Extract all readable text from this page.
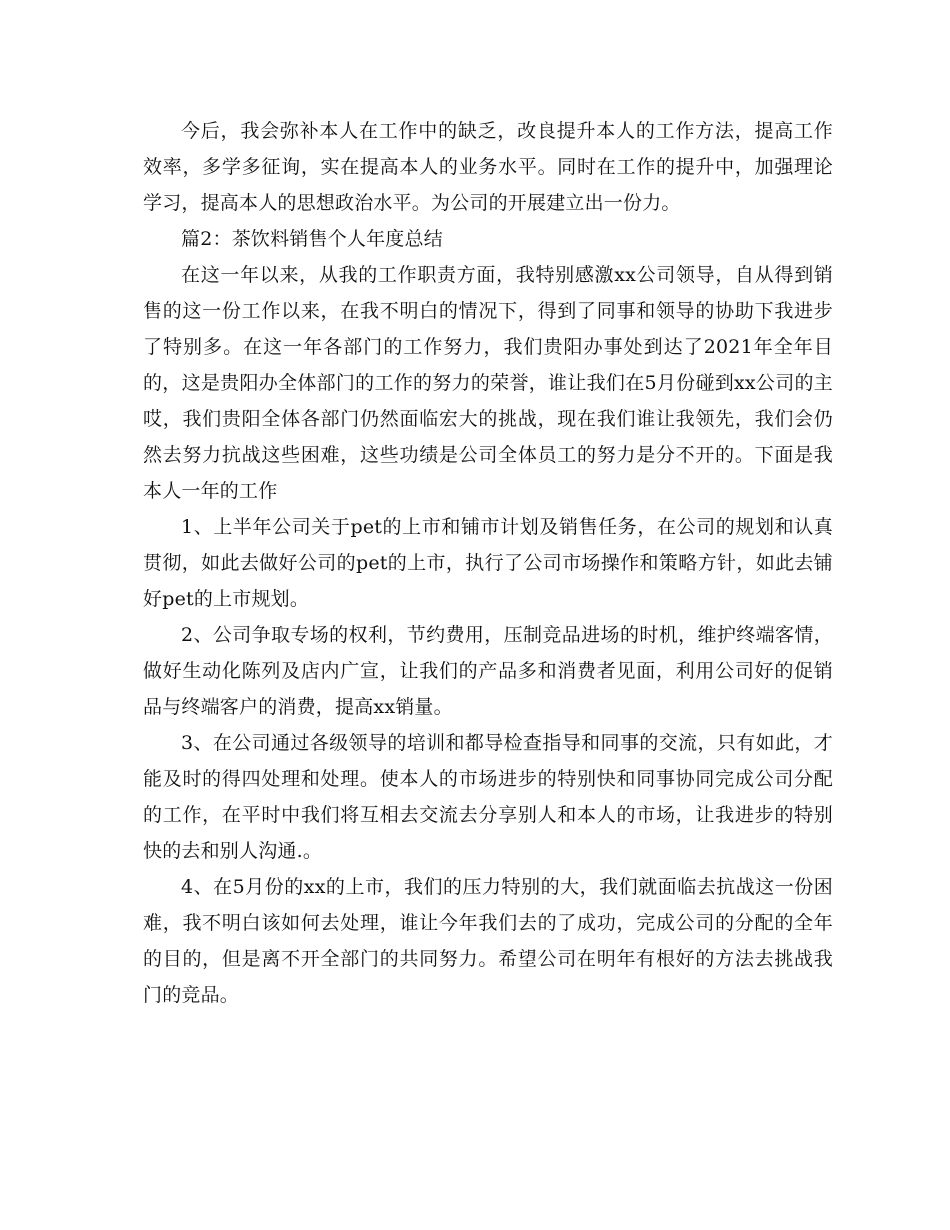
今后，我会弥补本人在工作中的缺乏，改良提升本人的工作方法，提高工作效率，多学多征询，实在提高本人的业务水平。同时在工作的提升中，加强理论学习，提高本人的思想政治水平。为公司的开展建立出一份力。

篇2：茶饮料销售个人年度总结

在这一年以来，从我的工作职责方面，我特别感激xx公司领导，自从得到销售的这一份工作以来，在我不明白的情况下，得到了同事和领导的协助下我进步了特别多。在这一年各部门的工作努力，我们贵阳办事处到达了2021年全年目的，这是贵阳办全体部门的工作的努力的荣誉，谁让我们在5月份碰到xx公司的主哎，我们贵阳全体各部门仍然面临宏大的挑战，现在我们谁让我领先，我们会仍然去努力抗战这些困难，这些功绩是公司全体员工的努力是分不开的。下面是我本人一年的工作

1、上半年公司关于pet的上市和铺市计划及销售任务，在公司的规划和认真贯彻，如此去做好公司的pet的上市，执行了公司市场操作和策略方针，如此去铺好pet的上市规划。

2、公司争取专场的权利，节约费用，压制竞品进场的时机，维护终端客情，做好生动化陈列及店内广宣，让我们的产品多和消费者见面，利用公司好的促销品与终端客户的消费，提高xx销量。

3、在公司通过各级领导的培训和都导检查指导和同事的交流，只有如此，才能及时的得四处理和处理。使本人的市场进步的特别快和同事协同完成公司分配的工作，在平时中我们将互相去交流去分享别人和本人的市场，让我进步的特别快的去和别人沟通.。

4、在5月份的xx的上市，我们的压力特别的大，我们就面临去抗战这一份困难，我不明白该如何去处理，谁让今年我们去的了成功，完成公司的分配的全年的目的，但是离不开全部门的共同努力。希望公司在明年有根好的方法去挑战我门的竞品。
